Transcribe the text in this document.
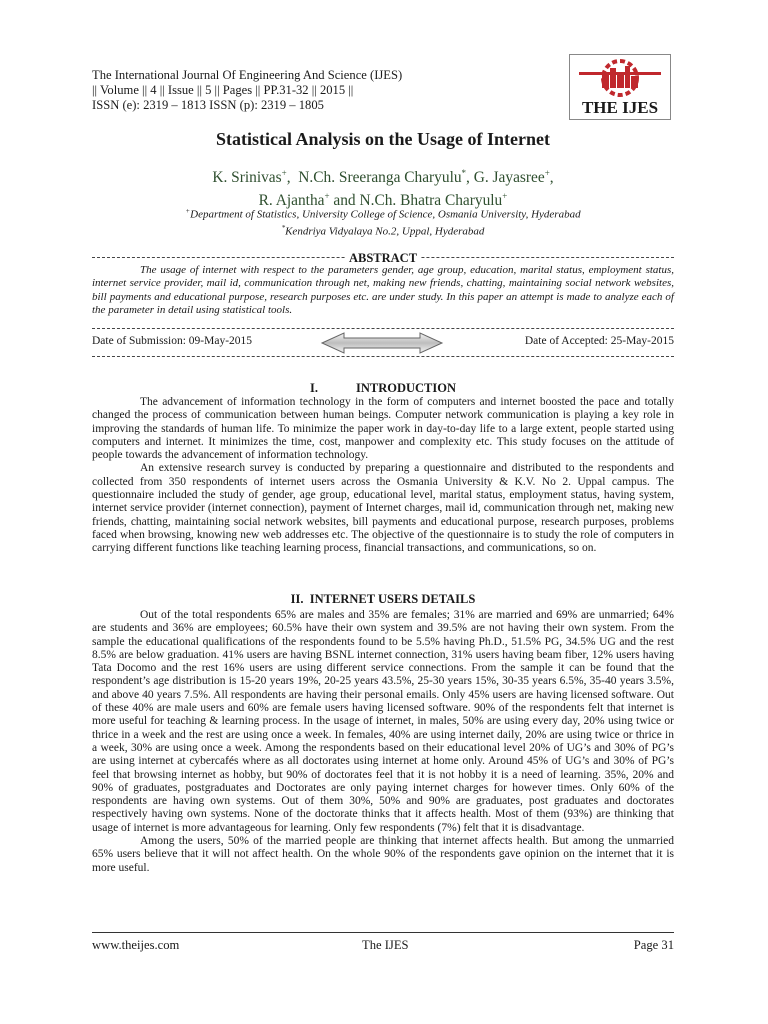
The International Journal Of Engineering And Science (IJES)
|| Volume || 4 || Issue || 5 || Pages || PP.31-32 || 2015 ||
ISSN (e): 2319 – 1813 ISSN (p): 2319 – 1805	THE IJES
Statistical Analysis on the Usage of Internet
K. Srinivas+,  N.Ch. Sreeranga Charyulu*, G. Jayasree+,
R. Ajantha+ and N.Ch. Bhatra Charyulu+
+Department of Statistics, University College of Science, Osmania University, Hyderabad
*Kendriya Vidyalaya No.2, Uppal, Hyderabad
ABSTRACT

The usage of internet with respect to the parameters gender, age group, education, marital status, employment status, internet service provider, mail id, communication through net, making new friends, chatting, maintaining social network websites, bill payments and educational purpose, research purposes etc. are under study. In this paper an attempt is made to analyze each of the parameter in detail using statistical tools.

Date of Submission: 09-May-2015	Date of Accepted: 25-May-2015
I.	INTRODUCTION

The advancement of information technology in the form of computers and internet boosted the pace and totally changed the process of communication between human beings. Computer network communication is playing a key role in improving the standards of human life. To minimize the paper work in day-to-day life to a large extent, people started using computers and internet. It minimizes the time, cost, manpower and complexity etc. This study focuses on the attitude of people towards the advancement of information technology.

An extensive research survey is conducted by preparing a questionnaire and distributed to the respondents and collected from 350 respondents of internet users across the Osmania University & K.V. No 2. Uppal campus. The questionnaire included the study of gender, age group, educational level, marital status, employment status, having system, internet service provider (internet connection), payment of Internet charges, mail id, communication through net, making new friends, chatting, maintaining social network websites, bill payments and educational purpose, research purposes, problems faced when browsing, knowing new web addresses etc. The objective of the questionnaire is to study the role of computers in carrying different functions like teaching learning process, financial transactions, and communications, so on.

II. INTERNET USERS DETAILS

Out of the total respondents 65% are males and 35% are females; 31% are married and 69% are unmarried; 64% are students and 36% are employees; 60.5% have their own system and 39.5% are not having their own system. From the sample the educational qualifications of the respondents found to be 5.5% having Ph.D., 51.5% PG, 34.5% UG and the rest 8.5% are below graduation. 41% users are having BSNL internet connection, 31% users having beam fiber, 12% users having Tata Docomo and the rest 16% users are using different service connections. From the sample it can be found that the respondent’s age distribution is 15-20 years 19%, 20-25 years 43.5%, 25-30 years 15%, 30-35 years 6.5%, 35-40 years 3.5%, and above 40 years 7.5%. All respondents are having their personal emails. Only 45% users are having licensed software. Out of these 40% are male users and 60% are female users having licensed software. 90% of the respondents felt that internet is more useful for teaching & learning process. In the usage of internet, in males, 50% are using every day, 20% using twice or thrice in a week and the rest are using once a week. In females, 40% are using internet daily, 20% are using twice or thrice in a week, 30% are using once a week. Among the respondents based on their educational level 20% of UG’s and 30% of PG’s are using internet at cybercafés where as all doctorates using internet at home only. Around 45% of UG’s and 30% of PG’s feel that browsing internet as hobby, but 90% of doctorates feel that it is not hobby it is a need of learning. 35%, 20% and 90% of graduates, postgraduates and Doctorates are only paying internet charges for however times. Only 60% of the respondents are having own systems. Out of them 30%, 50% and 90% are graduates, post graduates and doctorates respectively having own systems. None of the doctorate thinks that it affects health. Most of them (93%) are thinking that usage of internet is more advantageous for learning. Only few respondents (7%) felt that it is disadvantage.

Among the users, 50% of the married people are thinking that internet affects health. But among the unmarried 65% users believe that it will not affect health. On the whole 90% of the respondents gave opinion on the internet that it is more useful.

www.theijes.com	The IJES	Page 31
